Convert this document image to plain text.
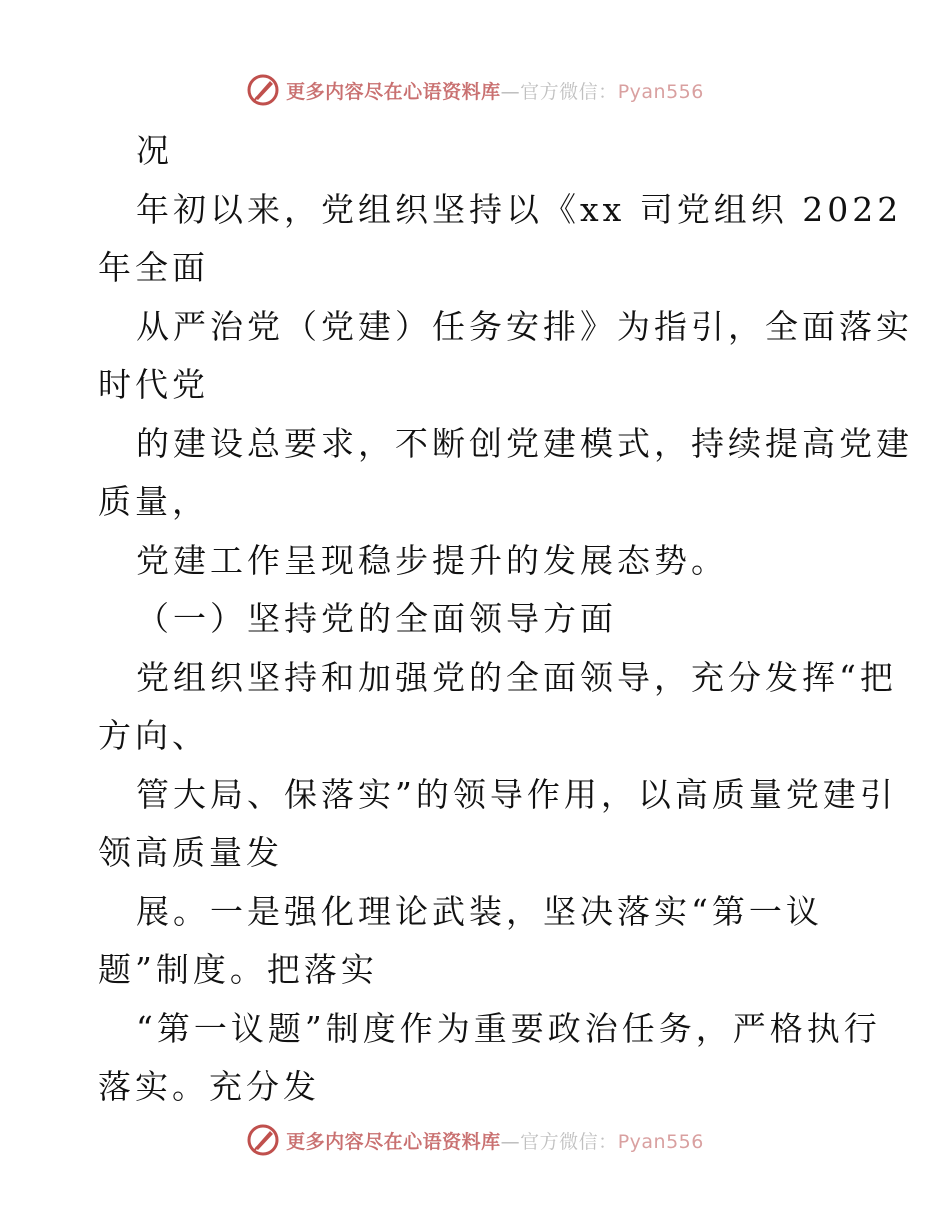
更多内容尽在心语资料库—官方微信：Pyan556
况
年初以来，党组织坚持以《xx 司党组织 2022
年全面
从严治党（党建）任务安排》为指引，全面落实
时代党
的建设总要求，不断创党建模式，持续提高党建
质量，
党建工作呈现稳步提升的发展态势。
（一）坚持党的全面领导方面
党组织坚持和加强党的全面领导，充分发挥“把
方向、
管大局、保落实”的领导作用，以高质量党建引
领高质量发
展。一是强化理论武装，坚决落实“第一议
题”制度。把落实
“第一议题”制度作为重要政治任务，严格执行
落实。充分发
更多内容尽在心语资料库—官方微信：Pyan556
